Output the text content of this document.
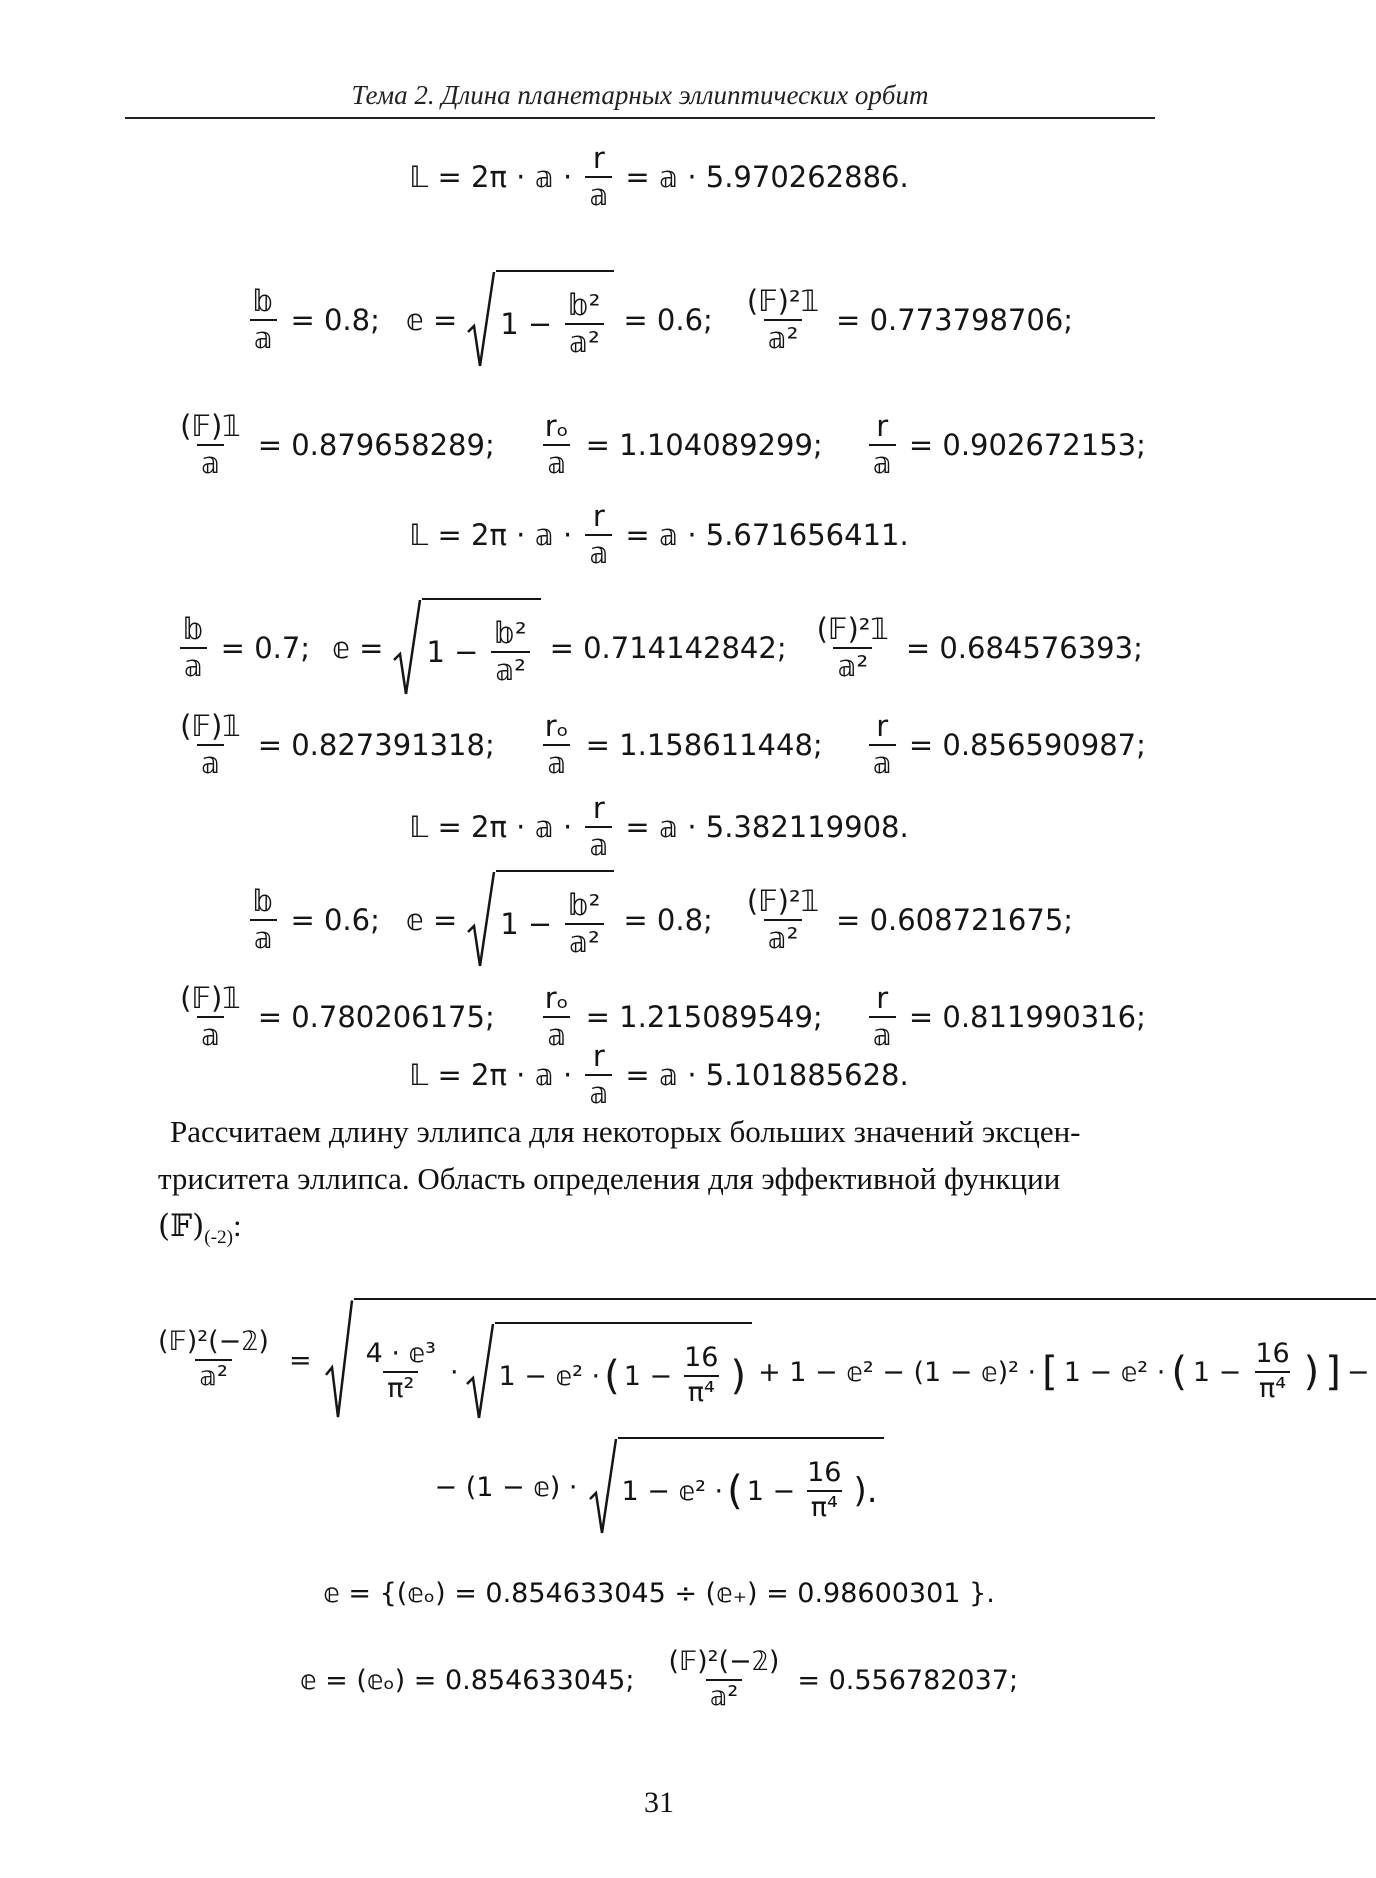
Тема 2. Длина планетарных эллиптических орбит
𝕃 = 2π · 𝕒 · $\frac{r}{\text{𝕒}}$ = 𝕒 · 5.970262886.
$\frac{\text{𝕓}}{\text{𝕒}} = 0.8$; 𝕖 = $1 - \frac{\text{𝕓²}}{\text{𝕒²}} = 0.6$; $\frac{\text{(𝔽)²𝟙}}{\text{𝕒²}} = 0.773798706$;
$\frac{\text{(𝔽)𝟙}}{\text{𝕒}} = 0.879658289$; $\frac{\text{rₒ}}{\text{𝕒}} = 1.104089299$; $\frac{r}{\text{𝕒}} = 0.902672153$;
𝕃 = 2π · 𝕒 · $\frac{r}{\text{𝕒}}$ = 𝕒 · 5.671656411.
$\frac{\text{𝕓}}{\text{𝕒}} = 0.7$; 𝕖 = $1 - \frac{\text{𝕓²}}{\text{𝕒²}} = 0.714142842$; $\frac{\text{(𝔽)²𝟙}}{\text{𝕒²}} = 0.684576393$;
$\frac{\text{(𝔽)𝟙}}{\text{𝕒}} = 0.827391318$; $\frac{\text{rₒ}}{\text{𝕒}} = 1.158611448$; $\frac{r}{\text{𝕒}} = 0.856590987$;
𝕃 = 2π · 𝕒 · $\frac{r}{\text{𝕒}}$ = 𝕒 · 5.382119908.
$\frac{\text{𝕓}}{\text{𝕒}} = 0.6$; 𝕖 = $1 - \frac{\text{𝕓²}}{\text{𝕒²}} = 0.8$; $\frac{\text{(𝔽)²𝟙}}{\text{𝕒²}} = 0.608721675$;
$\frac{\text{(𝔽)𝟙}}{\text{𝕒}} = 0.780206175$; $\frac{\text{rₒ}}{\text{𝕒}} = 1.215089549$; $\frac{r}{\text{𝕒}} = 0.811990316$;
𝕃 = 2π · 𝕒 · $\frac{r}{\text{𝕒}}$ = 𝕒 · 5.101885628.

Рассчитаем длину эллипса для некоторых больших значений эксцен-

триситета эллипса. Область определения для эффективной функции

$(𝔽)_{(-2)}$:

$\frac{\text{(𝔽)²(−𝟚)}}{\text{𝕒²}} = \frac{\text{4 · 𝕖³}}{\text{π²}} \cdot 1$ − 𝕖² · ( $1 - \frac{16}{\text{π⁴}}$ ) + 1 − 𝕖² − (1 − 𝕖)² · [ 1 − 𝕖² · ( $1 - \frac{16}{\text{π⁴}}$ ) ] −
− (1 − 𝕖) · 1 − 𝕖² · ( $1 - \frac{16}{\text{π⁴}}$ ).
𝕖 = {(𝕖ₒ) = 0.854633045 ÷ (𝕖₊) = 0.98600301 }.
𝕖 = (𝕖ₒ) = 0.854633045; $\frac{\text{(𝔽)²(−𝟚)}}{\text{𝕒²}} = 0.556782037$;
31
